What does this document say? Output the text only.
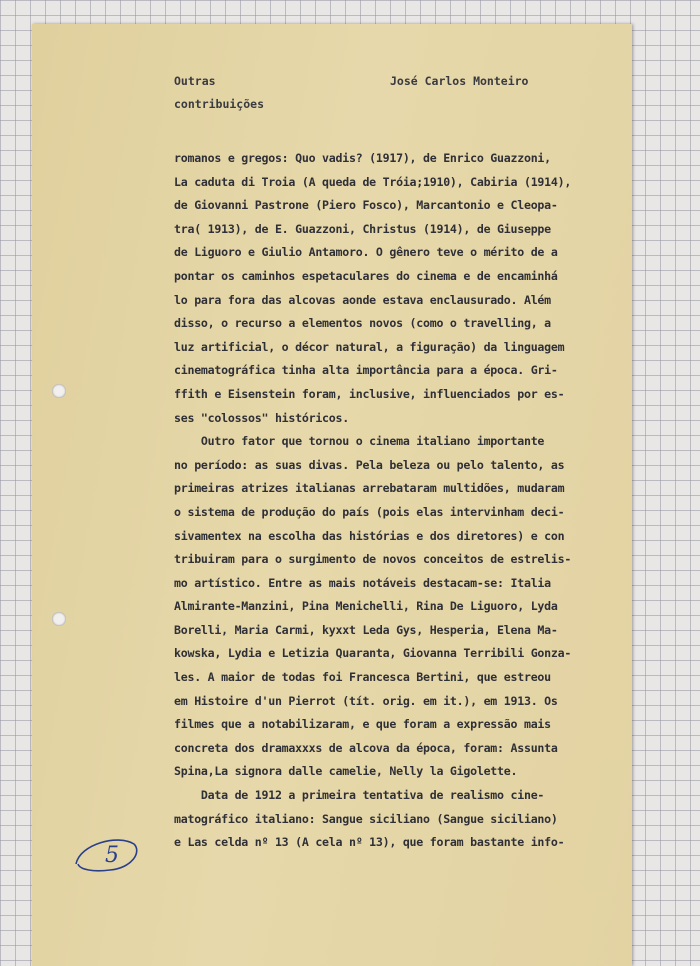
Outras
contribuições
José Carlos Monteiro
romanos e gregos: Quo vadis? (1917), de Enrico Guazzoni,
La caduta di Troia (A queda de Tróia;1910), Cabiria (1914),
de Giovanni Pastrone (Piero Fosco), Marcantonio e Cleopa-
tra( 1913), de E. Guazzoni, Christus (1914), de Giuseppe
de Liguoro e Giulio Antamoro. O gênero teve o mérito de a
pontar os caminhos espetaculares do cinema e de encaminhá
lo para fora das alcovas aonde estava enclausurado. Além
disso, o recurso a elementos novos (como o travelling, a
luz artificial, o décor natural, a figuração) da linguagem
cinematográfica tinha alta importância para a época. Gri-
ffith e Eisenstein foram, inclusive, influenciados por es-
ses "colossos" históricos.
Outro fator que tornou o cinema italiano importante
no período: as suas divas. Pela beleza ou pelo talento, as
primeiras atrizes italianas arrebataram multidões, mudaram
o sistema de produção do país (pois elas intervinham deci-
sivamentex na escolha das histórias e dos diretores) e con
tribuiram para o surgimento de novos conceitos de estrelis-
mo artístico. Entre as mais notáveis destacam-se: Italia
Almirante-Manzini, Pina Menichelli, Rina De Liguoro, Lyda
Borelli, Maria Carmi, kyxxt Leda Gys, Hesperia, Elena Ma-
kowska, Lydia e Letizia Quaranta, Giovanna Terribili Gonza-
les. A maior de todas foi Francesca Bertini, que estreou
em Histoire d'un Pierrot (tít. orig. em it.), em 1913. Os
filmes que a notabilizaram, e que foram a expressão mais
concreta dos dramaxxxs de alcova da época, foram: Assunta
Spina,La signora dalle camelie, Nelly la Gigolette.
Data de 1912 a primeira tentativa de realismo cine-
matográfico italiano: Sangue siciliano (Sangue siciliano)
e Las celda nº 13 (A cela nº 13), que foram bastante info-
5
